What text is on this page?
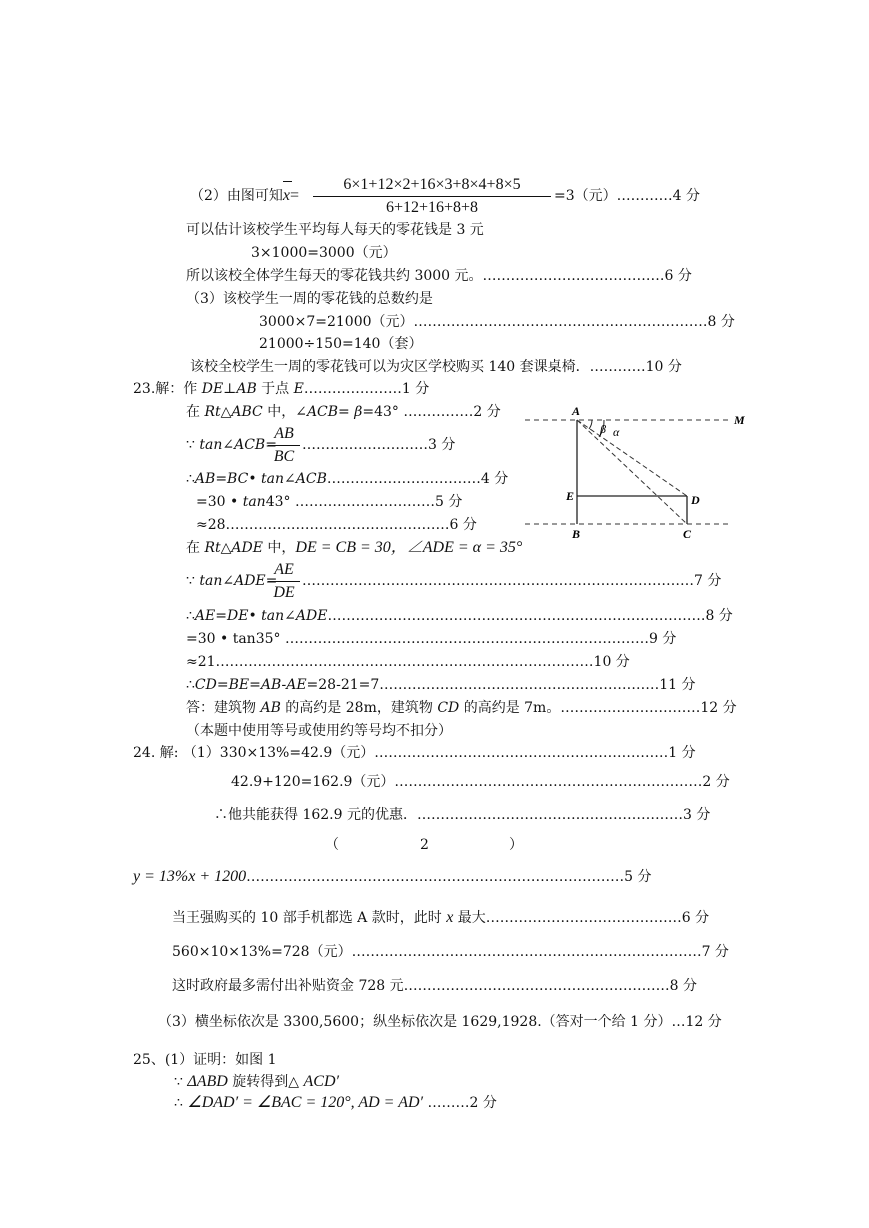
（2）由图可知
$x= \frac{6\times 1+12\times 2+16\times 3+8\times 4+8\times 5}{6+12+16+8+8} =3$（元）…………4 分
可以估计该校学生平均每人每天的零花钱是 3 元
3×1000=3000（元）
所以该校全体学生每天的零花钱共约 3000 元。…………………………………6 分
（3）该校学生一周的零花钱的总数约是
3000×7=21000（元）………………………………………………………8 分
21000÷150=140（套）
该校全校学生一周的零花钱可以为灾区学校购买 140 套课桌椅．…………10 分
23.解：作 DE⊥AB 于点 E…………………1 分
在 Rt△ABC 中，∠ACB= β=43° ……………2 分
∵ tan∠ACB=
$\frac{AB}{BC}$ ………………………3 分
∴AB=BC• tan∠ACB……………………………4 分
=30 • tan43° …………………………5 分
≈28…………………………………………6 分
在 Rt△ADE 中，DE = CB = 30，∠ADE = α = 35°
∵ tan∠ADE=
$\frac{AE}{DE}$ …………………………………………………………………………7 分
∴AE=DE• tan∠ADE………………………………………………………………………8 分
=30 • tan35° ……………………………………………………………………9 分
≈21………………………………………………………………………10 分
∴CD=BE=AB-AE=28-21=7……………………………………………………11 分
答：建筑物 AB 的高约是 28m，建筑物 CD 的高约是 7m。…………………………12 分
（本题中使用等号或使用约等号均不扣分）
A
M
β α
E	D
B	C
24. 解: （1）330×13%=42.9（元）………………………………………………………1 分
42.9+120=162.9（元）…………………………………………………………2 分
∴他共能获得 162.9 元的优惠．…………………………………………………3 分
（	2	）
y = 13%x + 1200………………………………………………………………………5 分
当王强购买的 10 部手机都选 A 款时，此时 x 最大……………………………………6 分
560×10×13%=728（元）…………………………………………………………………7 分
这时政府最多需付出补贴资金 728 元…………………………………………………8 分
（3）横坐标依次是 3300,5600；纵坐标依次是 1629,1928.（答对一个给 1 分）…12 分
25、(1）证明：如图 1
∵ ΔABD 旋转得到△ ACD′
∴ ∠DAD′ = ∠BAC = 120°, AD = AD′ ………2 分
